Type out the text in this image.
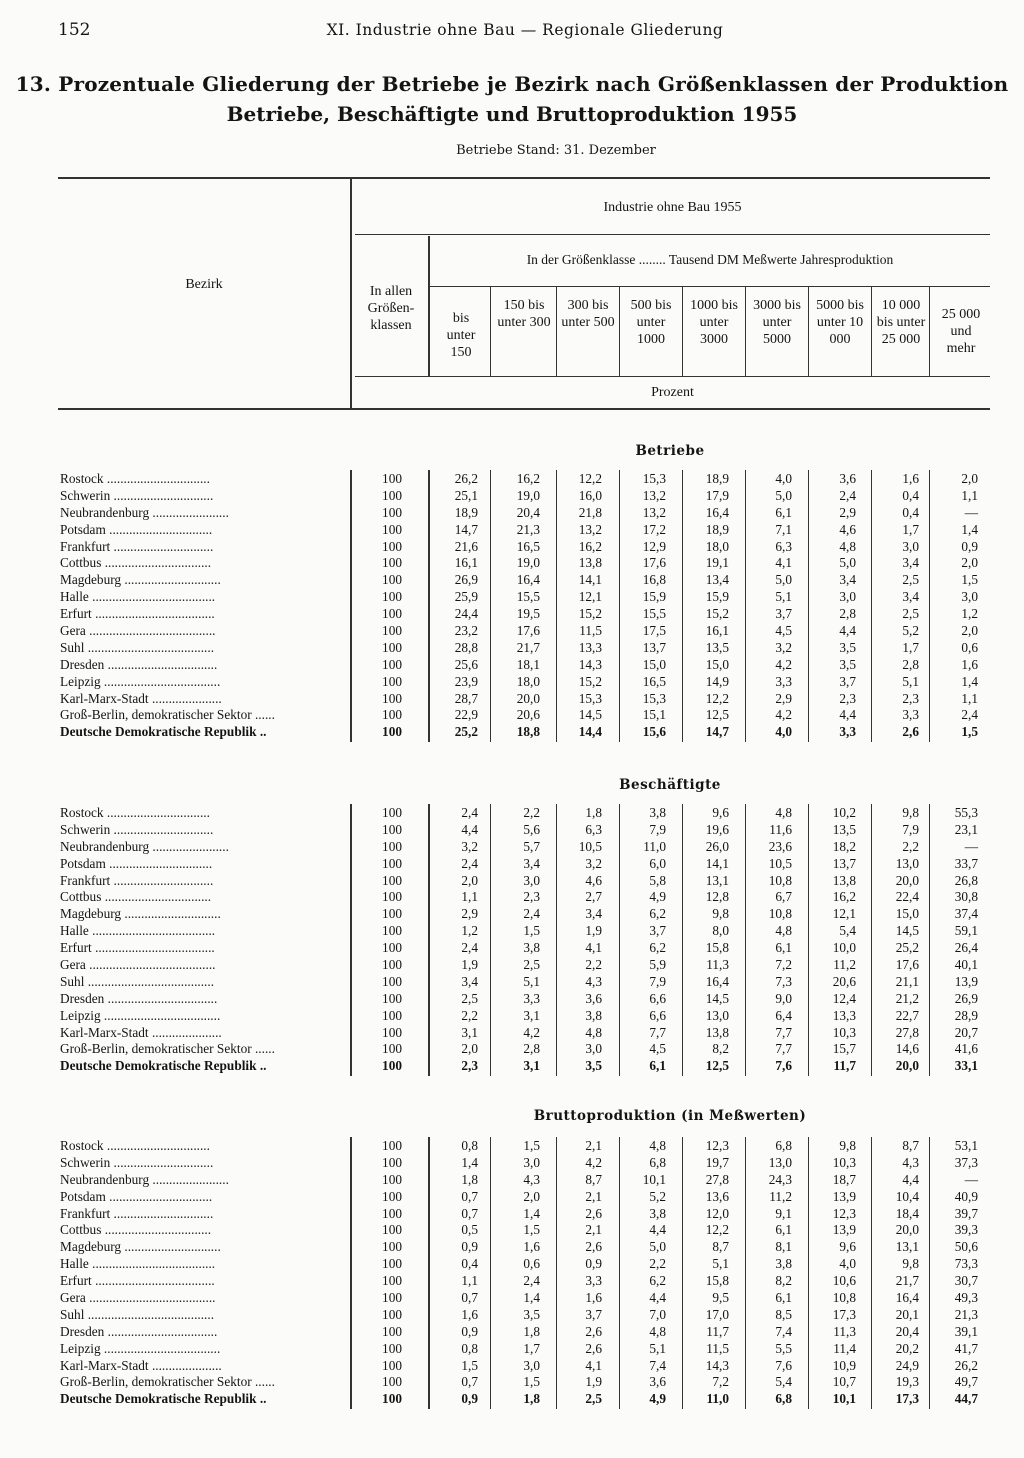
152	XI. Industrie ohne Bau — Regionale Gliederung
13. Prozentuale Gliederung der Betriebe je Bezirk nach Größenklassen der Produktion
Betriebe, Beschäftigte und Bruttoproduktion 1955
Betriebe Stand: 31. Dezember
Bezirk
Industrie ohne Bau 1955
In allen Größen- klassen
In der Größenklasse ........ Tausend DM Meßwerte Jahresproduktion
bis unter 150
150 bis unter 300
300 bis unter 500
500 bis unter 1000
1000 bis unter 3000
3000 bis unter 5000
5000 bis unter 10 000
10 000 bis unter 25 000
25 000 und mehr
Prozent
Betriebe
Rostock ...............................	100	26,2	16,2	12,2	15,3	18,9	4,0	3,6	1,6	2,0
Schwerin ..............................	100	25,1	19,0	16,0	13,2	17,9	5,0	2,4	0,4	1,1
Neubrandenburg .......................	100	18,9	20,4	21,8	13,2	16,4	6,1	2,9	0,4	—
Potsdam ...............................	100	14,7	21,3	13,2	17,2	18,9	7,1	4,6	1,7	1,4
Frankfurt ..............................	100	21,6	16,5	16,2	12,9	18,0	6,3	4,8	3,0	0,9
Cottbus ................................	100	16,1	19,0	13,8	17,6	19,1	4,1	5,0	3,4	2,0
Magdeburg .............................	100	26,9	16,4	14,1	16,8	13,4	5,0	3,4	2,5	1,5
Halle .....................................	100	25,9	15,5	12,1	15,9	15,9	5,1	3,0	3,4	3,0
Erfurt ....................................	100	24,4	19,5	15,2	15,5	15,2	3,7	2,8	2,5	1,2
Gera ......................................	100	23,2	17,6	11,5	17,5	16,1	4,5	4,4	5,2	2,0
Suhl ......................................	100	28,8	21,7	13,3	13,7	13,5	3,2	3,5	1,7	0,6
Dresden .................................	100	25,6	18,1	14,3	15,0	15,0	4,2	3,5	2,8	1,6
Leipzig ...................................	100	23,9	18,0	15,2	16,5	14,9	3,3	3,7	5,1	1,4
Karl-Marx-Stadt .....................	100	28,7	20,0	15,3	15,3	12,2	2,9	2,3	2,3	1,1
Groß-Berlin, demokratischer Sektor ......	100	22,9	20,6	14,5	15,1	12,5	4,2	4,4	3,3	2,4
Deutsche Demokratische Republik ..	100	25,2	18,8	14,4	15,6	14,7	4,0	3,3	2,6	1,5
Beschäftigte
Rostock ...............................	100	2,4	2,2	1,8	3,8	9,6	4,8	10,2	9,8	55,3
Schwerin ..............................	100	4,4	5,6	6,3	7,9	19,6	11,6	13,5	7,9	23,1
Neubrandenburg .......................	100	3,2	5,7	10,5	11,0	26,0	23,6	18,2	2,2	—
Potsdam ...............................	100	2,4	3,4	3,2	6,0	14,1	10,5	13,7	13,0	33,7
Frankfurt ..............................	100	2,0	3,0	4,6	5,8	13,1	10,8	13,8	20,0	26,8
Cottbus ................................	100	1,1	2,3	2,7	4,9	12,8	6,7	16,2	22,4	30,8
Magdeburg .............................	100	2,9	2,4	3,4	6,2	9,8	10,8	12,1	15,0	37,4
Halle .....................................	100	1,2	1,5	1,9	3,7	8,0	4,8	5,4	14,5	59,1
Erfurt ....................................	100	2,4	3,8	4,1	6,2	15,8	6,1	10,0	25,2	26,4
Gera ......................................	100	1,9	2,5	2,2	5,9	11,3	7,2	11,2	17,6	40,1
Suhl ......................................	100	3,4	5,1	4,3	7,9	16,4	7,3	20,6	21,1	13,9
Dresden .................................	100	2,5	3,3	3,6	6,6	14,5	9,0	12,4	21,2	26,9
Leipzig ...................................	100	2,2	3,1	3,8	6,6	13,0	6,4	13,3	22,7	28,9
Karl-Marx-Stadt .....................	100	3,1	4,2	4,8	7,7	13,8	7,7	10,3	27,8	20,7
Groß-Berlin, demokratischer Sektor ......	100	2,0	2,8	3,0	4,5	8,2	7,7	15,7	14,6	41,6
Deutsche Demokratische Republik ..	100	2,3	3,1	3,5	6,1	12,5	7,6	11,7	20,0	33,1
Bruttoproduktion (in Meßwerten)
Rostock ...............................	100	0,8	1,5	2,1	4,8	12,3	6,8	9,8	8,7	53,1
Schwerin ..............................	100	1,4	3,0	4,2	6,8	19,7	13,0	10,3	4,3	37,3
Neubrandenburg .......................	100	1,8	4,3	8,7	10,1	27,8	24,3	18,7	4,4	—
Potsdam ...............................	100	0,7	2,0	2,1	5,2	13,6	11,2	13,9	10,4	40,9
Frankfurt ..............................	100	0,7	1,4	2,6	3,8	12,0	9,1	12,3	18,4	39,7
Cottbus ................................	100	0,5	1,5	2,1	4,4	12,2	6,1	13,9	20,0	39,3
Magdeburg .............................	100	0,9	1,6	2,6	5,0	8,7	8,1	9,6	13,1	50,6
Halle .....................................	100	0,4	0,6	0,9	2,2	5,1	3,8	4,0	9,8	73,3
Erfurt ....................................	100	1,1	2,4	3,3	6,2	15,8	8,2	10,6	21,7	30,7
Gera ......................................	100	0,7	1,4	1,6	4,4	9,5	6,1	10,8	16,4	49,3
Suhl ......................................	100	1,6	3,5	3,7	7,0	17,0	8,5	17,3	20,1	21,3
Dresden .................................	100	0,9	1,8	2,6	4,8	11,7	7,4	11,3	20,4	39,1
Leipzig ...................................	100	0,8	1,7	2,6	5,1	11,5	5,5	11,4	20,2	41,7
Karl-Marx-Stadt .....................	100	1,5	3,0	4,1	7,4	14,3	7,6	10,9	24,9	26,2
Groß-Berlin, demokratischer Sektor ......	100	0,7	1,5	1,9	3,6	7,2	5,4	10,7	19,3	49,7
Deutsche Demokratische Republik ..	100	0,9	1,8	2,5	4,9	11,0	6,8	10,1	17,3	44,7
